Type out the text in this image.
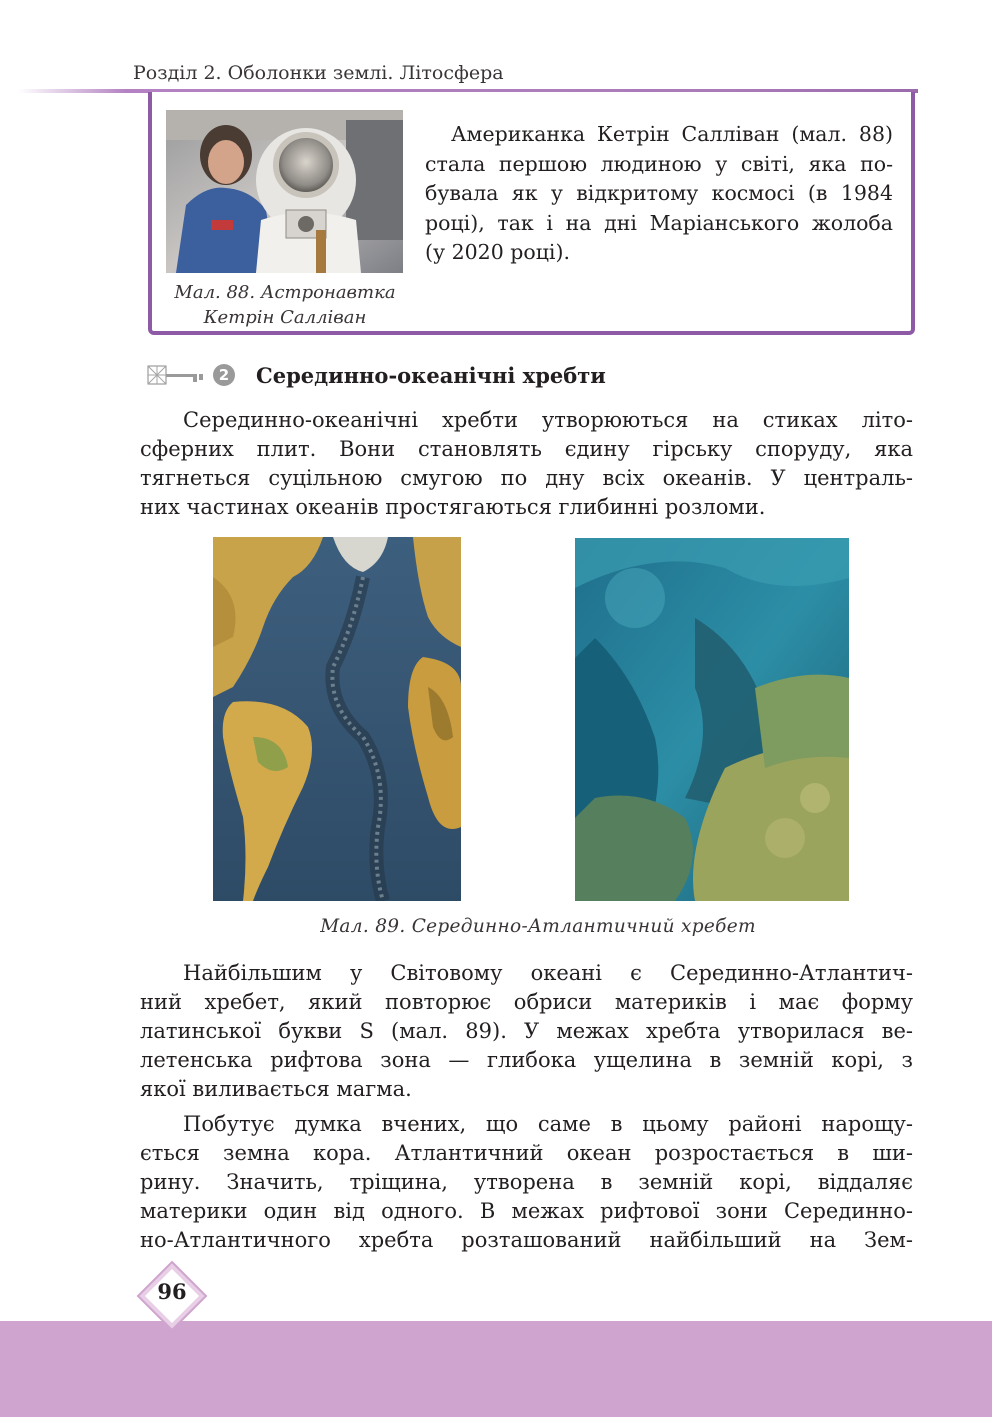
Розділ 2. Оболонки землі. Літосфера
Мал. 88. Астронавтка
Кетрін Салліван
Американка Кетрін Салліван (мал. 88)
стала першою людиною у світі, яка по-
бувала як у відкритому космосі (в 1984
році), так і на дні Маріанського жолоба
(у 2020 році).
2 Серединно-океанічні хребти
Серединно-океанічні хребти утворюються на стиках літо-
сферних плит. Вони становлять єдину гірську споруду, яка
тягнеться суцільною смугою по дну всіх океанів. У централь-
них частинах океанів простягаються глибинні розломи.
Мал. 89. Серединно-Атлантичний хребет
Найбільшим у Світовому океані є Серединно-Атлантич-
ний хребет, який повторює обриси материків і має форму
латинської букви S (мал. 89). У межах хребта утворилася ве-
летенська рифтова зона — глибока ущелина в земній корі, з
якої виливається магма.
Побутує думка вчених, що саме в цьому районі нарощу-
ється земна кора. Атлантичний океан розростається в ши-
рину. Значить, тріщина, утворена в земній корі, віддаляє
материки один від одного. В межах рифтової зони Серединно-
но-Атлантичного хребта розташований найбільший на Зем-
96
